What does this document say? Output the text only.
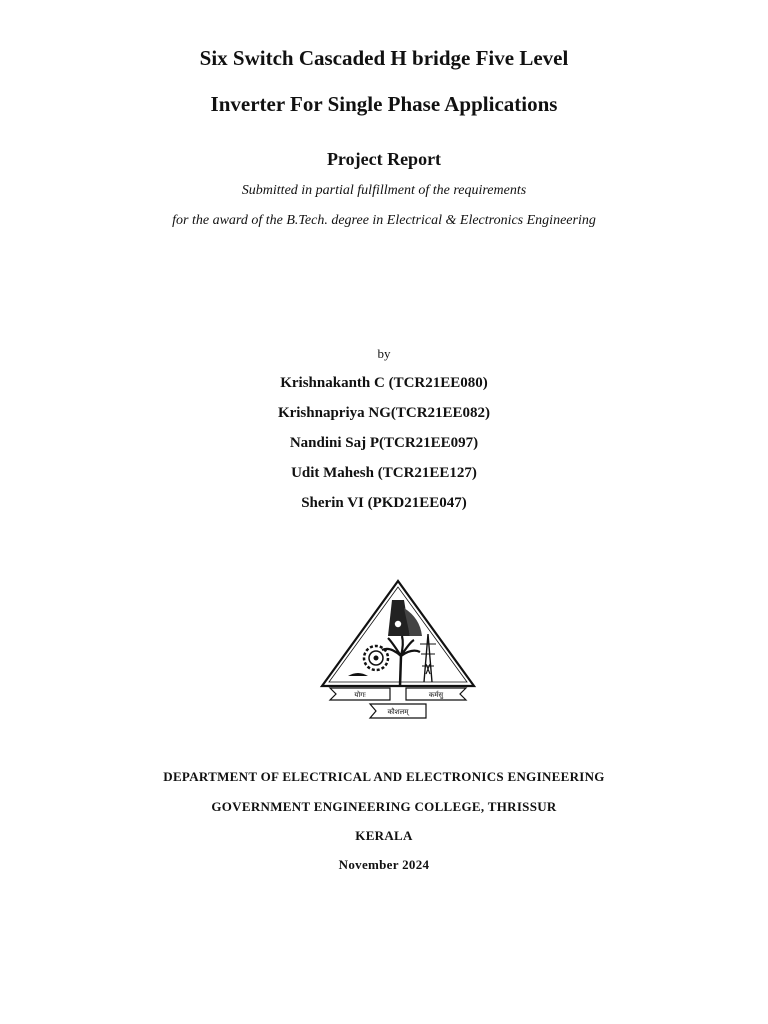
Six Switch Cascaded H bridge Five Level
Inverter For Single Phase Applications
Project Report
Submitted in partial fulfillment of the requirements
for the award of the B.Tech. degree in Electrical & Electronics Engineering
by
Krishnakanth C (TCR21EE080)
Krishnapriya NG(TCR21EE082)
Nandini Saj P(TCR21EE097)
Udit Mahesh (TCR21EE127)
Sherin VI (PKD21EE047)
योगः	कर्मसु
कौशलम्
DEPARTMENT OF ELECTRICAL AND ELECTRONICS ENGINEERING
GOVERNMENT ENGINEERING COLLEGE, THRISSUR
KERALA
November 2024
